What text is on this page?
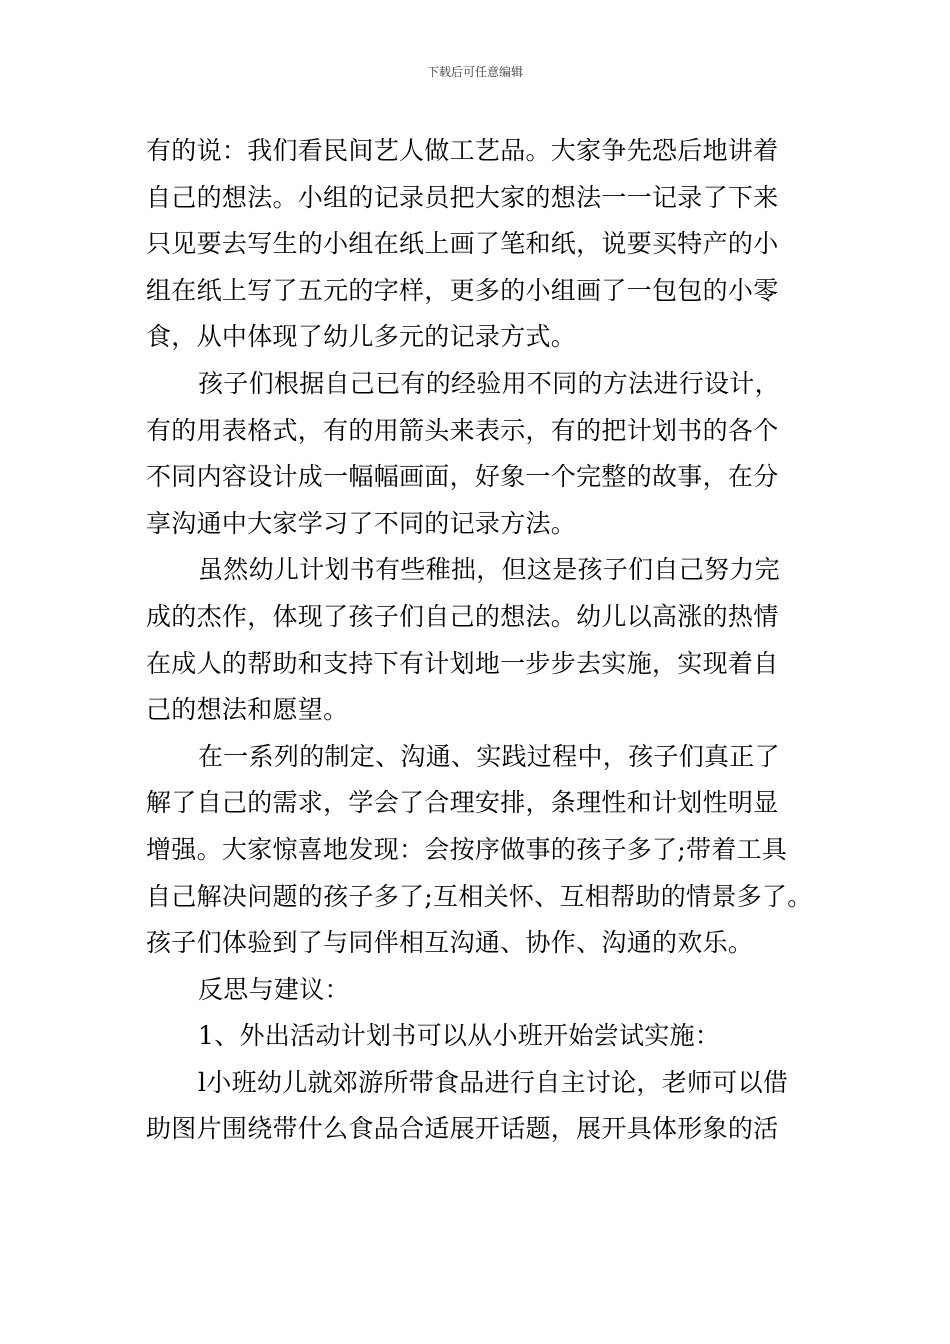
下载后可任意编辑
有的说：我们看民间艺人做工艺品。大家争先恐后地讲着
自己的想法。小组的记录员把大家的想法一一记录了下来
只见要去写生的小组在纸上画了笔和纸，说要买特产的小
组在纸上写了五元的字样，更多的小组画了一包包的小零
食，从中体现了幼儿多元的记录方式。
孩子们根据自己已有的经验用不同的方法进行设计，
有的用表格式，有的用箭头来表示，有的把计划书的各个
不同内容设计成一幅幅画面，好象一个完整的故事，在分
享沟通中大家学习了不同的记录方法。
虽然幼儿计划书有些稚拙，但这是孩子们自己努力完
成的杰作，体现了孩子们自己的想法。幼儿以高涨的热情
在成人的帮助和支持下有计划地一步步去实施，实现着自
己的想法和愿望。
在一系列的制定、沟通、实践过程中，孩子们真正了
解了自己的需求，学会了合理安排，条理性和计划性明显
增强。大家惊喜地发现：会按序做事的孩子多了;带着工具
自己解决问题的孩子多了;互相关怀、互相帮助的情景多了。
孩子们体验到了与同伴相互沟通、协作、沟通的欢乐。
反思与建议：
1、外出活动计划书可以从小班开始尝试实施：
l小班幼儿就郊游所带食品进行自主讨论，老师可以借
助图片围绕带什么食品合适展开话题，展开具体形象的活
